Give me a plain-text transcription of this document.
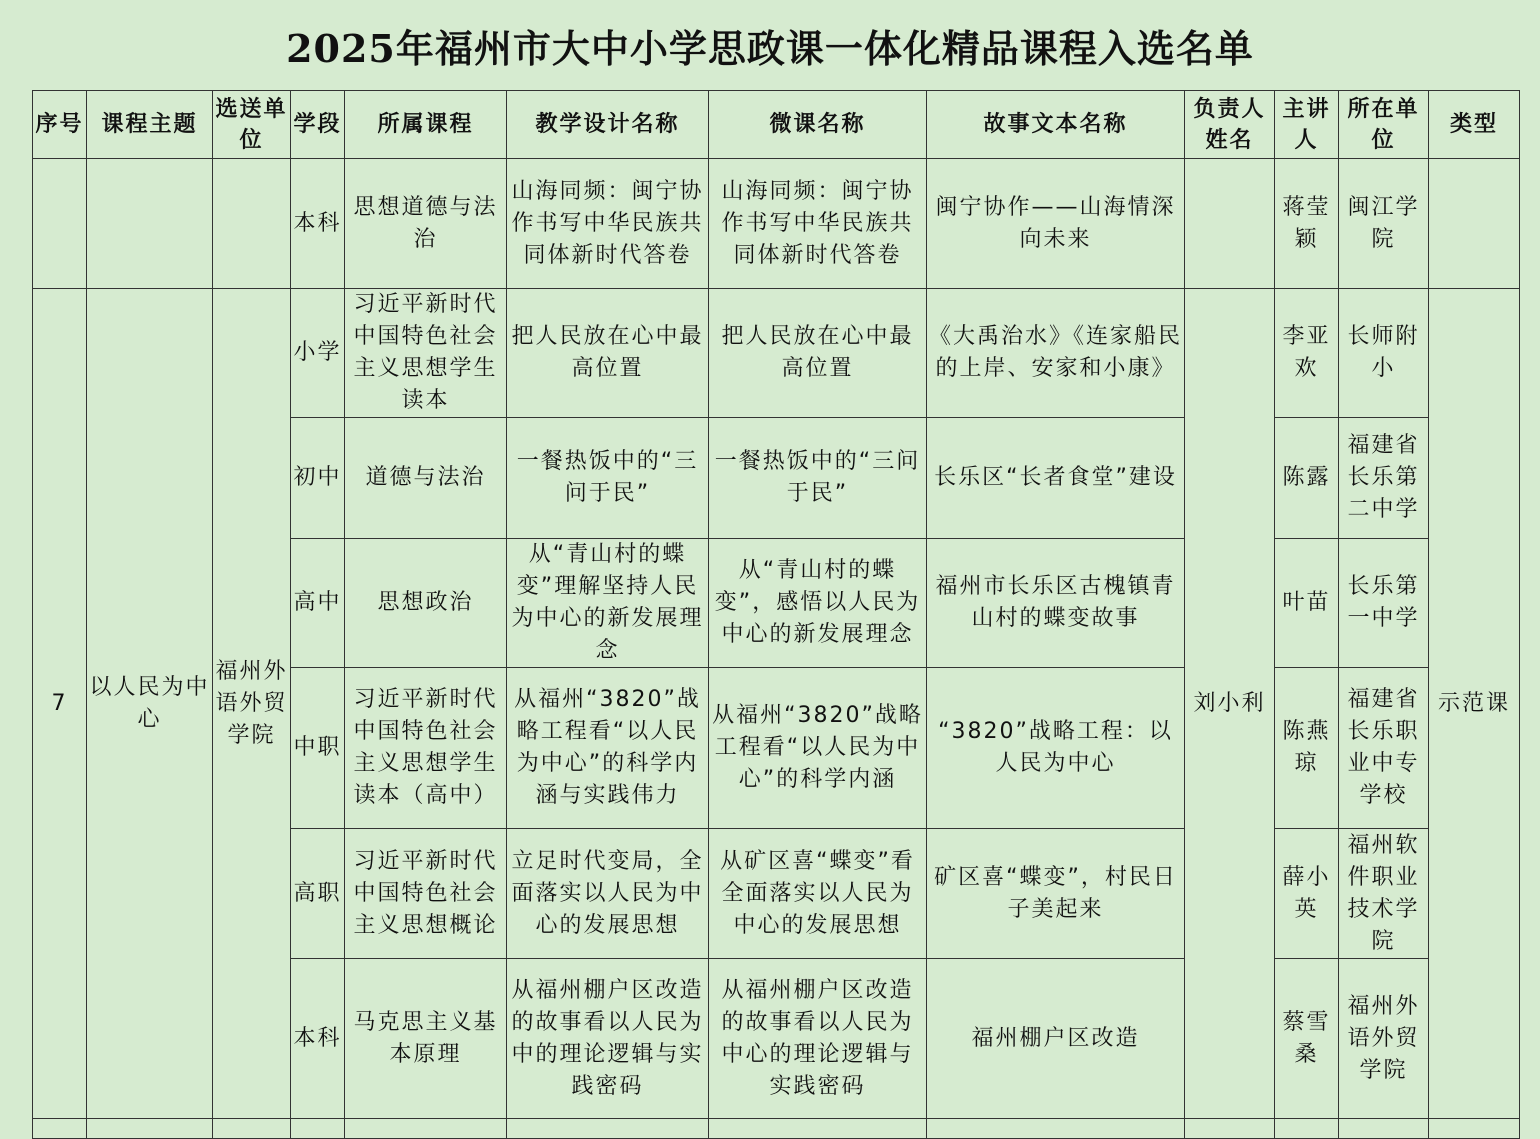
2025年福州市大中小学思政课一体化精品课程入选名单
序号	课程主题	选送单位	学段	所属课程	教学设计名称	微课名称	故事文本名称	负责人姓名	主讲人	所在单位	类型
			本科	思想道德与法治	山海同频：闽宁协作书写中华民族共同体新时代答卷	山海同频：闽宁协作书写中华民族共同体新时代答卷	闽宁协作——山海情深向未来		蒋莹颖	闽江学院	
7	以人民为中心	福州外语外贸学院	小学	习近平新时代中国特色社会主义思想学生读本	把人民放在心中最高位置	把人民放在心中最高位置	《大禹治水》《连家船民的上岸、安家和小康》	刘小利	李亚欢	长师附小	示范课
			初中	道德与法治	一餐热饭中的“三问于民”	一餐热饭中的“三问于民”	长乐区“长者食堂”建设		陈露	福建省长乐第二中学	
			高中	思想政治	从“青山村的蝶变”理解坚持人民为中心的新发展理念	从“青山村的蝶变”，感悟以人民为中心的新发展理念	福州市长乐区古槐镇青山村的蝶变故事		叶苗	长乐第一中学	
			中职	习近平新时代中国特色社会主义思想学生读本（高中）	从福州“3820”战略工程看“以人民为中心”的科学内涵与实践伟力	从福州“3820”战略工程看“以人民为中心”的科学内涵	“3820”战略工程：以人民为中心		陈燕琼	福建省长乐职业中专学校	
			高职	习近平新时代中国特色社会主义思想概论	立足时代变局，全面落实以人民为中心的发展思想	从矿区喜“蝶变”看全面落实以人民为中心的发展思想	矿区喜“蝶变”，村民日子美起来		薛小英	福州软件职业技术学院	
			本科	马克思主义基本原理	从福州棚户区改造的故事看以人民为中的理论逻辑与实践密码	从福州棚户区改造的故事看以人民为中心的理论逻辑与实践密码	福州棚户区改造		蔡雪桑	福州外语外贸学院	
